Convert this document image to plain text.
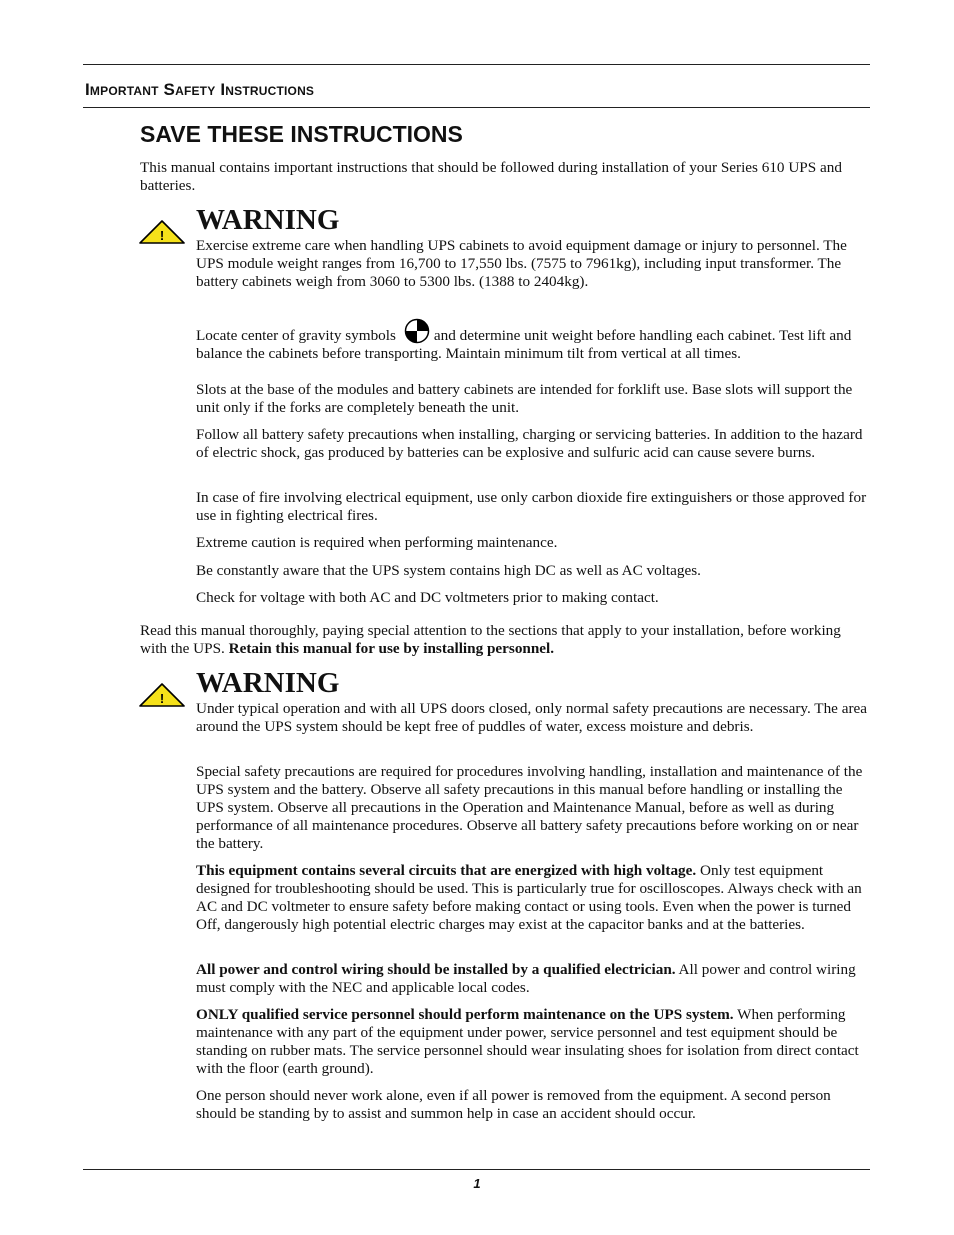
Important Safety Instructions
SAVE THESE INSTRUCTIONS

This manual contains important instructions that should be followed during installation of your Series 610 UPS and batteries.

! WARNING

Exercise extreme care when handling UPS cabinets to avoid equipment damage or injury to personnel. The UPS module weight ranges from 16,700 to 17,550 lbs. (7575 to 7961kg), including input transformer. The battery cabinets weigh from 3060 to 5300 lbs. (1388 to 2404kg).

Locate center of gravity symbols	and determine unit weight before handling each cabinet. Test lift and balance the cabinets before transporting. Maintain minimum tilt from vertical at all times.

Slots at the base of the modules and battery cabinets are intended for forklift use. Base slots will support the unit only if the forks are completely beneath the unit.

Follow all battery safety precautions when installing, charging or servicing batteries. In addition to the hazard of electric shock, gas produced by batteries can be explosive and sulfuric acid can cause severe burns.

In case of fire involving electrical equipment, use only carbon dioxide fire extinguishers or those approved for use in fighting electrical fires.

Extreme caution is required when performing maintenance.

Be constantly aware that the UPS system contains high DC as well as AC voltages.

Check for voltage with both AC and DC voltmeters prior to making contact.

Read this manual thoroughly, paying special attention to the sections that apply to your installation, before working with the UPS. Retain this manual for use by installing personnel.

! WARNING

Under typical operation and with all UPS doors closed, only normal safety precautions are necessary. The area around the UPS system should be kept free of puddles of water, excess moisture and debris.

Special safety precautions are required for procedures involving handling, installation and maintenance of the UPS system and the battery. Observe all safety precautions in this manual before handling or installing the UPS system. Observe all precautions in the Operation and Maintenance Manual, before as well as during performance of all maintenance procedures. Observe all battery safety precautions before working on or near the battery.

This equipment contains several circuits that are energized with high voltage. Only test equipment designed for troubleshooting should be used. This is particularly true for oscilloscopes. Always check with an AC and DC voltmeter to ensure safety before making contact or using tools. Even when the power is turned Off, dangerously high potential electric charges may exist at the capacitor banks and at the batteries.

All power and control wiring should be installed by a qualified electrician. All power and control wiring must comply with the NEC and applicable local codes.

ONLY qualified service personnel should perform maintenance on the UPS system. When performing maintenance with any part of the equipment under power, service personnel and test equipment should be standing on rubber mats. The service personnel should wear insulating shoes for isolation from direct contact with the floor (earth ground).

One person should never work alone, even if all power is removed from the equipment. A second person should be standing by to assist and summon help in case an accident should occur.

1
